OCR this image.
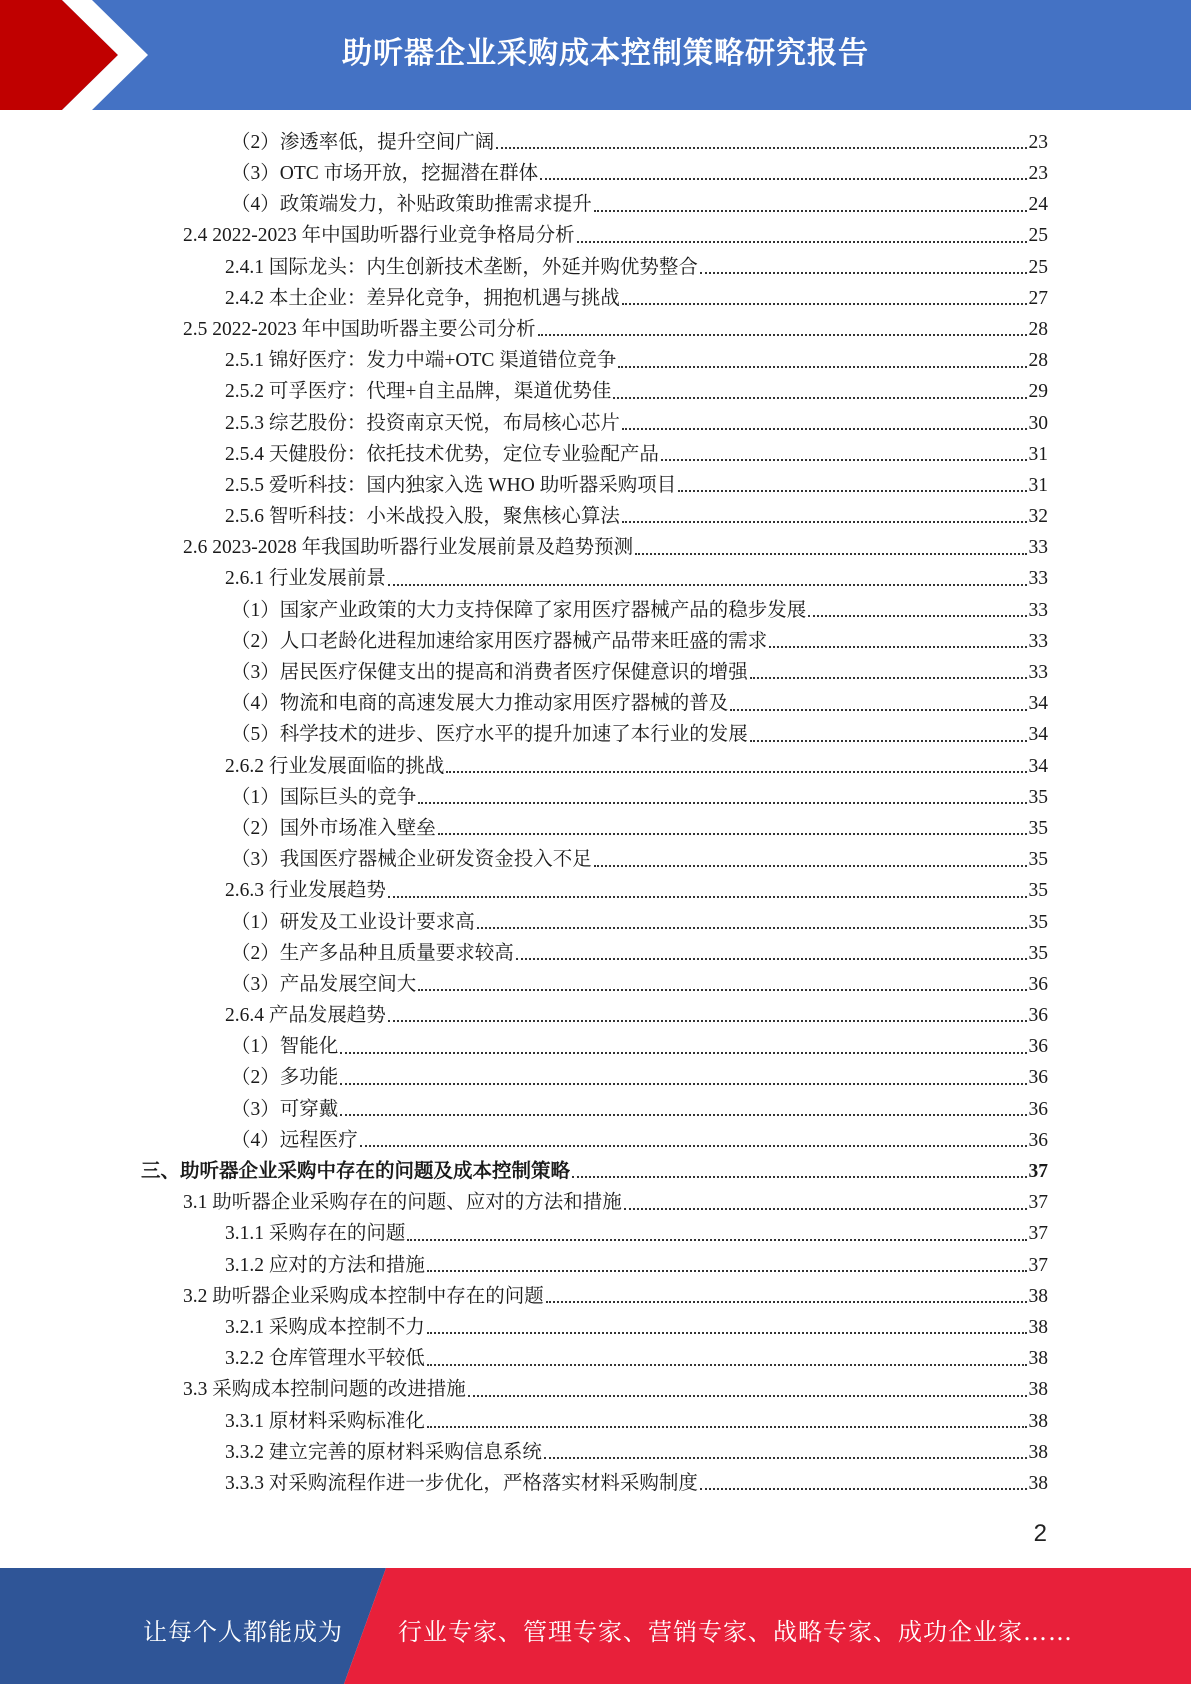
助听器企业采购成本控制策略研究报告
（2）渗透率低，提升空间广阔	23
（3）OTC 市场开放，挖掘潜在群体	23
（4）政策端发力，补贴政策助推需求提升	24
2.4 2022-2023 年中国助听器行业竞争格局分析	25
2.4.1 国际龙头：内生创新技术垄断，外延并购优势整合	25
2.4.2 本土企业：差异化竞争，拥抱机遇与挑战	27
2.5 2022-2023 年中国助听器主要公司分析	28
2.5.1 锦好医疗：发力中端+OTC 渠道错位竞争	28
2.5.2 可孚医疗：代理+自主品牌，渠道优势佳	29
2.5.3 综艺股份：投资南京天悦，布局核心芯片	30
2.5.4 天健股份：依托技术优势，定位专业验配产品	31
2.5.5 爱听科技：国内独家入选 WHO 助听器采购项目	31
2.5.6 智听科技：小米战投入股，聚焦核心算法	32
2.6 2023-2028 年我国助听器行业发展前景及趋势预测	33
2.6.1 行业发展前景	33
（1）国家产业政策的大力支持保障了家用医疗器械产品的稳步发展	33
（2）人口老龄化进程加速给家用医疗器械产品带来旺盛的需求	33
（3）居民医疗保健支出的提高和消费者医疗保健意识的增强	33
（4）物流和电商的高速发展大力推动家用医疗器械的普及	34
（5）科学技术的进步、医疗水平的提升加速了本行业的发展	34
2.6.2 行业发展面临的挑战	34
（1）国际巨头的竞争	35
（2）国外市场准入壁垒	35
（3）我国医疗器械企业研发资金投入不足	35
2.6.3 行业发展趋势	35
（1）研发及工业设计要求高	35
（2）生产多品种且质量要求较高	35
（3）产品发展空间大	36
2.6.4 产品发展趋势	36
（1）智能化	36
（2）多功能	36
（3）可穿戴	36
（4）远程医疗	36
三、助听器企业采购中存在的问题及成本控制策略	37
3.1 助听器企业采购存在的问题、应对的方法和措施	37
3.1.1 采购存在的问题	37
3.1.2 应对的方法和措施	37
3.2 助听器企业采购成本控制中存在的问题	38
3.2.1 采购成本控制不力	38
3.2.2 仓库管理水平较低	38
3.3 采购成本控制问题的改进措施	38
3.3.1 原材料采购标准化	38
3.3.2 建立完善的原材料采购信息系统	38
3.3.3 对采购流程作进一步优化，严格落实材料采购制度	38
2
让每个人都能成为 行业专家、管理专家、营销专家、战略专家、成功企业家……
